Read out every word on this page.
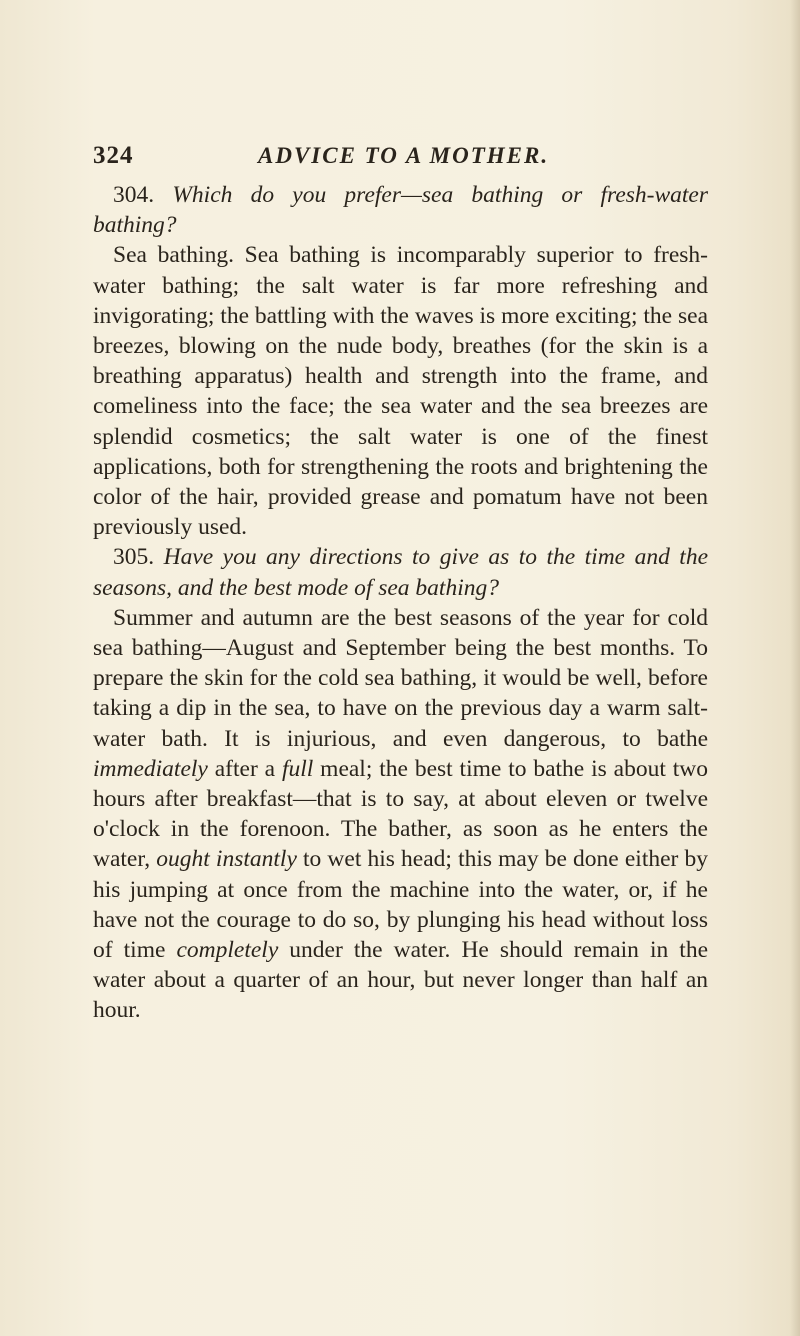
324	ADVICE TO A MOTHER.

304. Which do you prefer—sea bathing or fresh-water bathing?

Sea bathing. Sea bathing is incomparably superior to fresh-water bathing; the salt water is far more refreshing and invigorating; the battling with the waves is more exciting; the sea breezes, blowing on the nude body, breathes (for the skin is a breathing apparatus) health and strength into the frame, and comeliness into the face; the sea water and the sea breezes are splendid cosmetics; the salt water is one of the finest applications, both for strengthening the roots and brightening the color of the hair, provided grease and pomatum have not been previously used.

305. Have you any directions to give as to the time and the seasons, and the best mode of sea bathing?

Summer and autumn are the best seasons of the year for cold sea bathing—August and September being the best months. To prepare the skin for the cold sea bathing, it would be well, before taking a dip in the sea, to have on the previous day a warm salt-water bath. It is injurious, and even dangerous, to bathe immediately after a full meal; the best time to bathe is about two hours after breakfast—that is to say, at about eleven or twelve o'clock in the forenoon. The bather, as soon as he enters the water, ought instantly to wet his head; this may be done either by his jumping at once from the machine into the water, or, if he have not the courage to do so, by plunging his head without loss of time completely under the water. He should remain in the water about a quarter of an hour, but never longer than half an hour.
